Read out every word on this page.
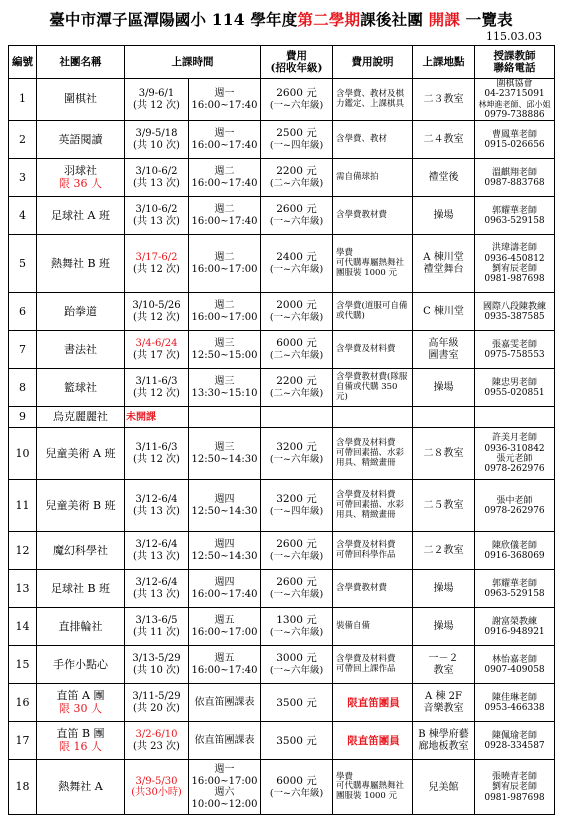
臺中市潭子區潭陽國小 114 學年度第二學期課後社團 開課 一覽表
115.03.03
編號	社團名稱	上課時間		費用
(招收年級)	費用說明	上課地點	授課教師
聯絡電話
1	圍棋社	3/9-6/1
(共 12 次)	週一
16:00~17:40	2600 元
(一~六年級)	含學費、教材及棋力鑑定、上課棋具	二３教室	圍棋協會
04-23715091
林坤進老師、邱小姐
0979-738886
2	英語閱讀	3/9-5/18
(共 10 次)	週一
16:00~17:40	2500 元
(一~四年級)	含學費、教材	二４教室	曹鳳華老師
0915-026656
3	羽球社
限 36 人	3/10-6/2
(共 13 次)	週二
16:00~17:40	2200 元
(二~六年級)	需自備球拍	禮堂後	溫麒翔老師
0987-883768
4	足球社 A 班	3/10-6/2
(共 13 次)	週二
16:00~17:40	2600 元
(一~六年級)	含學費教材費	操場	郭耀華老師
0963-529158
5	熱舞社 B 班	3/17-6/2
(共 12 次)	週二
16:00~17:00	2400 元
(一~六年級)	學費
可代購專屬熱舞社團服裝 1000 元	A 棟川堂
禮堂舞台	洪瑋濤老師
0936-450812
劉宥辰老師
0981-987698
6	跆拳道	3/10-5/26
(共 12 次)	週二
16:00~17:00	2000 元
(一~六年級)	含學費(道服可自備或代購)	C 棟川堂	國際八段陳教練
0935-387585
7	書法社	3/4-6/24
(共 17 次)	週三
12:50~15:00	6000 元
(二~六年級)	含學費及材料費	高年級
圖書室	張嘉雯老師
0975-758553
8	籃球社	3/11-6/3
(共 12 次)	週三
13:30~15:10	2200 元
(二~六年級)	含學費教材費(隊服自備或代購 350 元)	操場	陳忠男老師
0955-020851
9	烏克麗麗社	未開課					
10	兒童美術 A 班	3/11-6/3
(共 12 次)	週三
12:50~14:30	3200 元
(一~六年級)	含學費及材料費
可帶回素描、水彩用具、精緻畫冊	二８教室	許美月老師
0936-310842
張元老師
0978-262976
11	兒童美術 B 班	3/12-6/4
(共 13 次)	週四
12:50~14:30	3200 元
(一~四年級)	含學費及材料費
可帶回素描、水彩用具、精緻畫冊	二５教室	張中老師
0978-262976
12	魔幻科學社	3/12-6/4
(共 13 次)	週四
12:50~14:30	2600 元
(一~六年級)	含學費及材料費
可帶回科學作品	二２教室	陳欣儀老師
0916-368069
13	足球社 B 班	3/12-6/4
(共 13 次)	週四
16:00~17:40	2600 元
(一~六年級)	含學費教材費	操場	郭耀華老師
0963-529158
14	直排輪社	3/13-6/5
(共 11 次)	週五
16:00~17:00	1300 元
(一~六年級)	裝備自備	操場	謝富榮教練
0916-948921
15	手作小點心	3/13-5/29
(共 10 次)	週五
16:00~17:40	3000 元
(一~六年級)	含學費及材料費
可帶回上課作品	一－２
教室	林怡嘉老師
0907-409058
16	直笛 A 團
限 30 人	3/11-5/29
(共 20 次)	依直笛團課表	3500 元	限直笛團員	A 棟 2F
音樂教室	陳佳琳老師
0953-466338
17	直笛 B 團
限 16 人	3/2-6/10
(共 23 次)	依直笛團課表	3500 元	限直笛團員	B 棟學府藝
廊地板教室	陳佩瑜老師
0928-334587
18	熱舞社 A	3/9-5/30
(共30小時)	週一
16:00~17:00
週六
10:00~12:00	6000 元
(一~六年級)	學費
可代購專屬熱舞社團服裝 1000 元	兒美館	張曉青老師
劉宥辰老師
0981-987698
